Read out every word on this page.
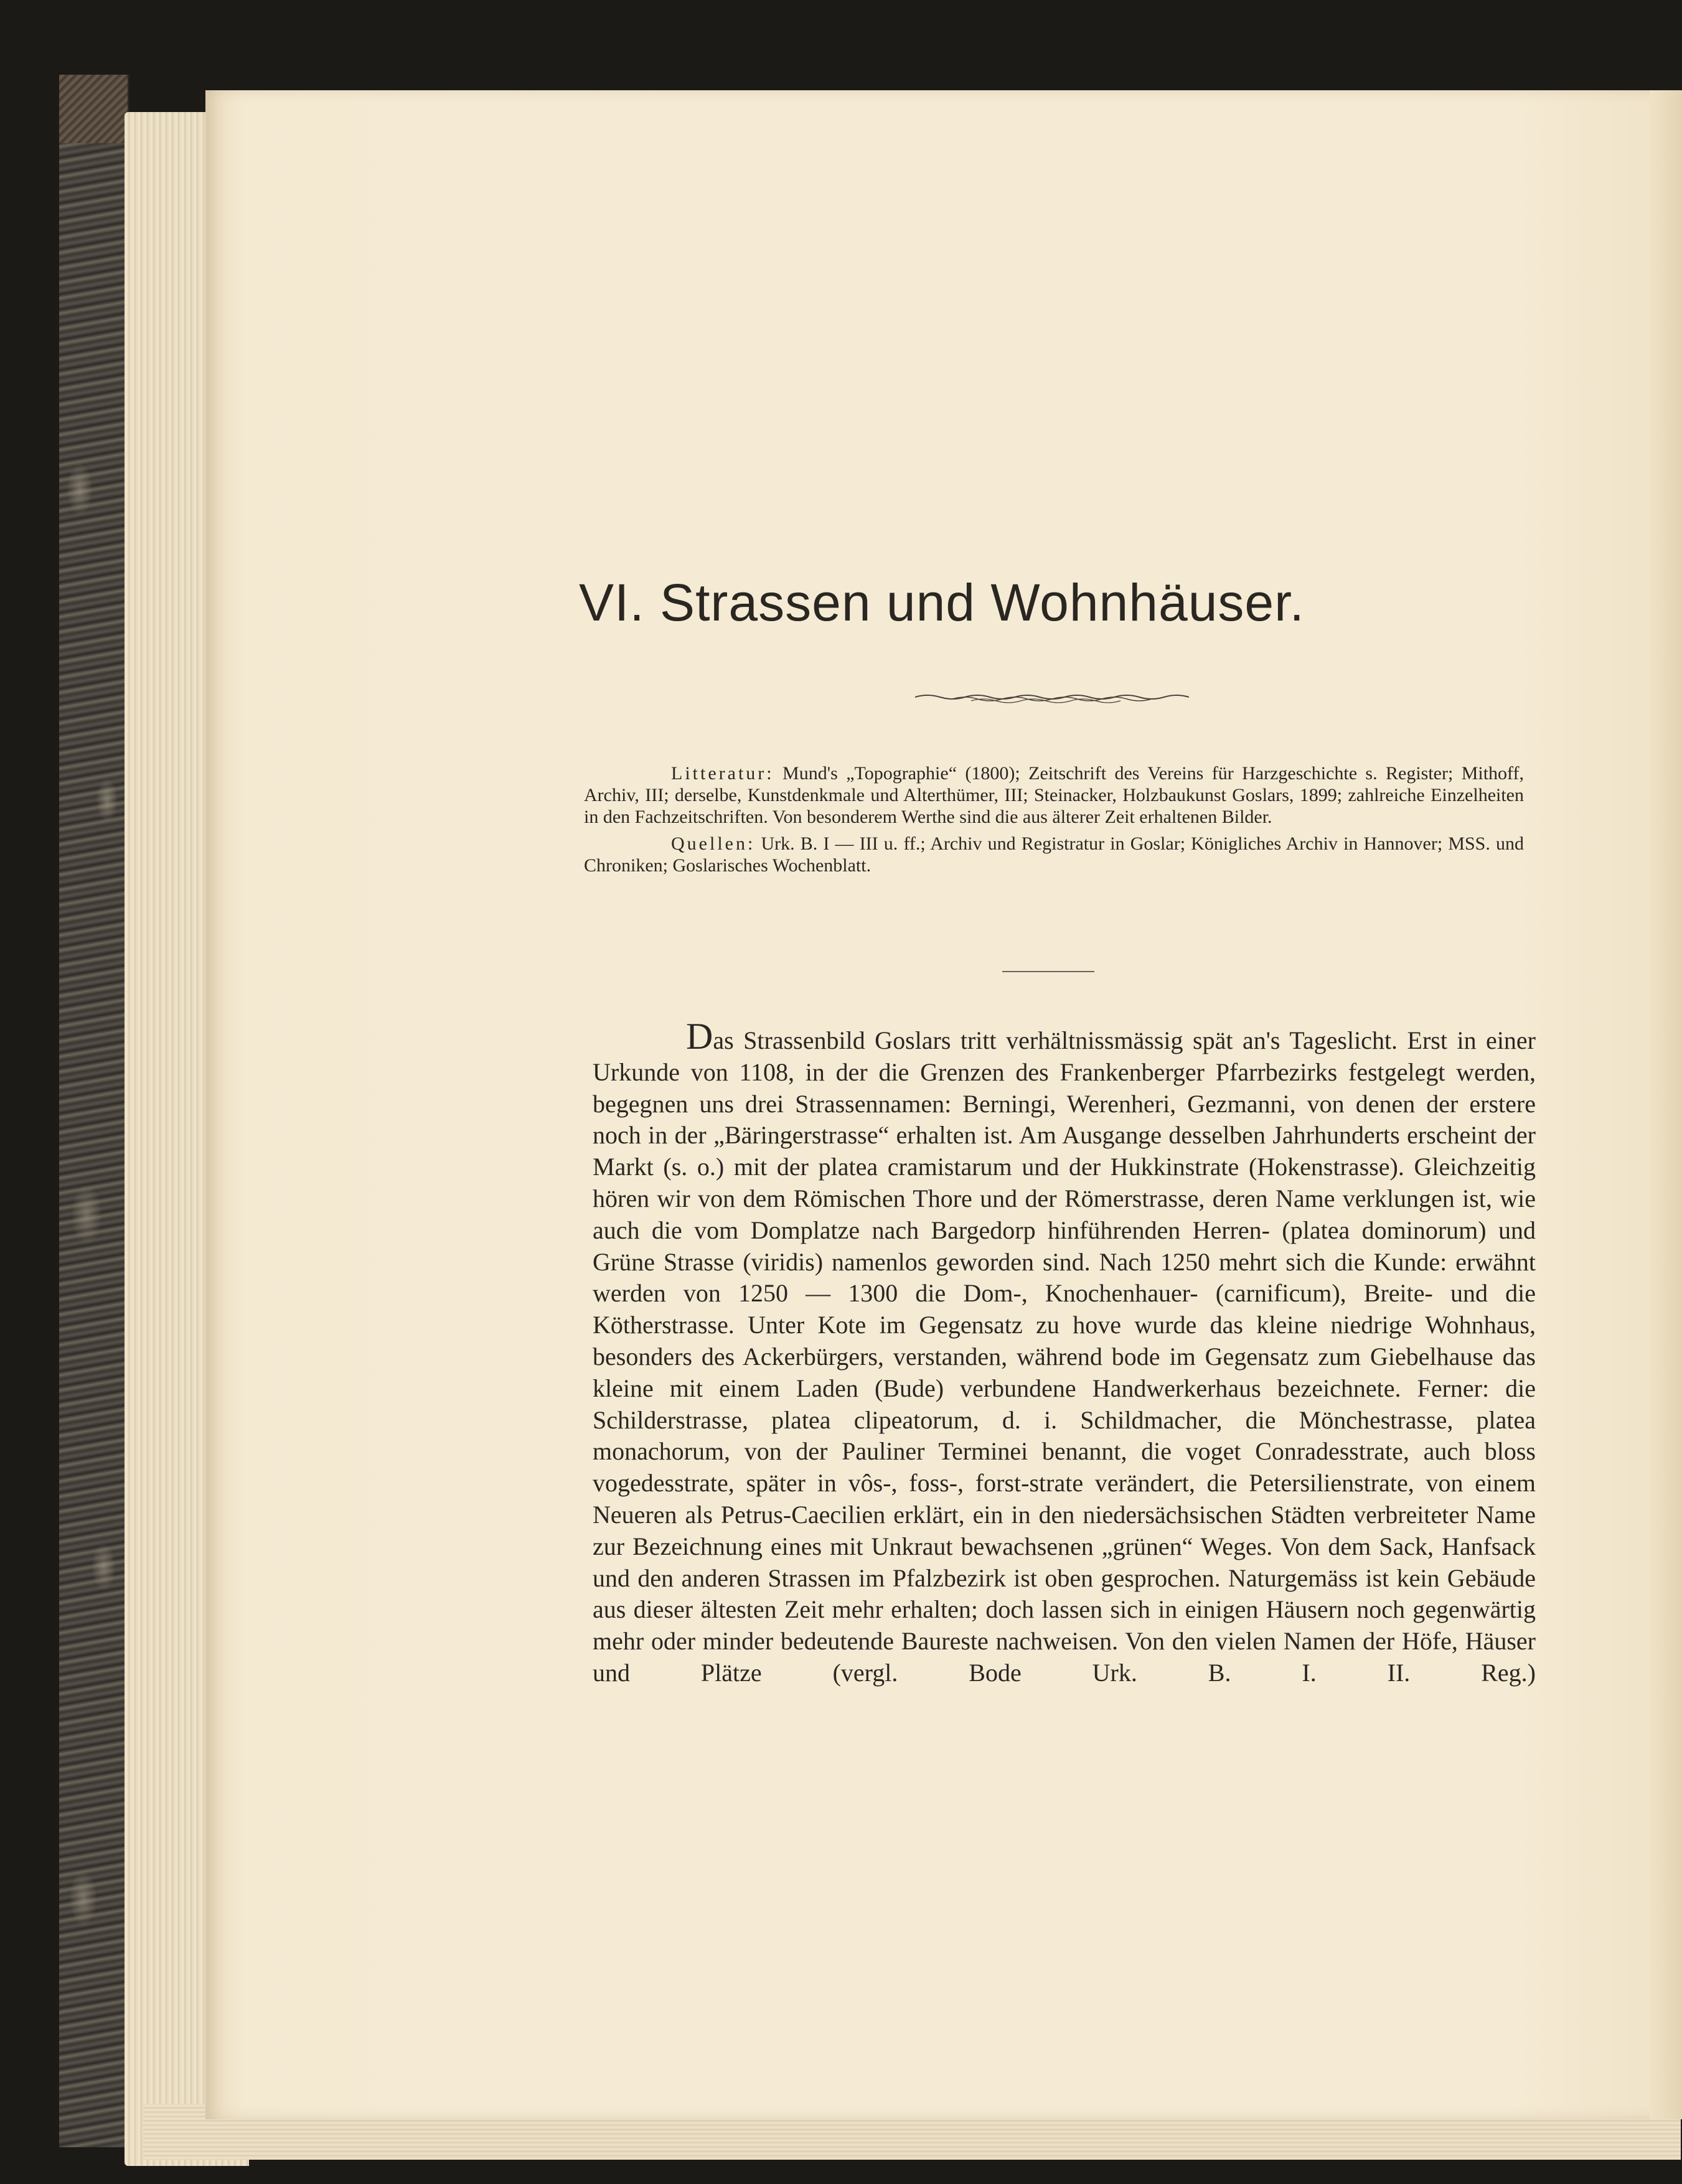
VI. Strassen und Wohnhäuser.

Litteratur: Mund's „Topographie“ (1800); Zeitschrift des Vereins für Harzgeschichte s. Register; Mithoff, Archiv, III; derselbe, Kunstdenkmale und Alterthümer, III; Steinacker, Holzbaukunst Goslars, 1899; zahlreiche Einzelheiten in den Fachzeitschriften. Von besonderem Werthe sind die aus älterer Zeit erhaltenen Bilder.

Quellen: Urk. B. I — III u. ff.; Archiv und Registratur in Goslar; Königliches Archiv in Hannover; MSS. und Chroniken; Goslarisches Wochenblatt.

Das Strassenbild Goslars tritt verhältnissmässig spät an's Tageslicht. Erst in einer Urkunde von 1108, in der die Grenzen des Frankenberger Pfarrbezirks festgelegt werden, begegnen uns drei Strassennamen: Berningi, Werenheri, Gezmanni, von denen der erstere noch in der „Bäringerstrasse“ erhalten ist. Am Ausgange desselben Jahrhunderts erscheint der Markt (s. o.) mit der platea cramistarum und der Hukkinstrate (Hokenstrasse). Gleichzeitig hören wir von dem Römischen Thore und der Römerstrasse, deren Name verklungen ist, wie auch die vom Domplatze nach Bargedorp hinführenden Herren- (platea dominorum) und Grüne Strasse (viridis) namenlos geworden sind. Nach 1250 mehrt sich die Kunde: erwähnt werden von 1250 — 1300 die Dom-, Knochenhauer- (carnificum), Breite- und die Kötherstrasse. Unter Kote im Gegensatz zu hove wurde das kleine niedrige Wohnhaus, besonders des Ackerbürgers, verstanden, während bode im Gegensatz zum Giebelhause das kleine mit einem Laden (Bude) verbundene Handwerkerhaus bezeichnete. Ferner: die Schilderstrasse, platea clipeatorum, d. i. Schildmacher, die Mönchestrasse, platea monachorum, von der Pauliner Terminei benannt, die voget Conradesstrate, auch bloss vogedesstrate, später in vôs-, foss-, forst-strate verändert, die Petersilienstrate, von einem Neueren als Petrus-Caecilien erklärt, ein in den niedersächsischen Städten verbreiteter Name zur Bezeichnung eines mit Unkraut bewachsenen „grünen“ Weges. Von dem Sack, Hanfsack und den anderen Strassen im Pfalzbezirk ist oben gesprochen. Naturgemäss ist kein Gebäude aus dieser ältesten Zeit mehr erhalten; doch lassen sich in einigen Häusern noch gegenwärtig mehr oder minder bedeutende Baureste nachweisen. Von den vielen Namen der Höfe, Häuser und Plätze (vergl. Bode Urk. B. I. II. Reg.)
